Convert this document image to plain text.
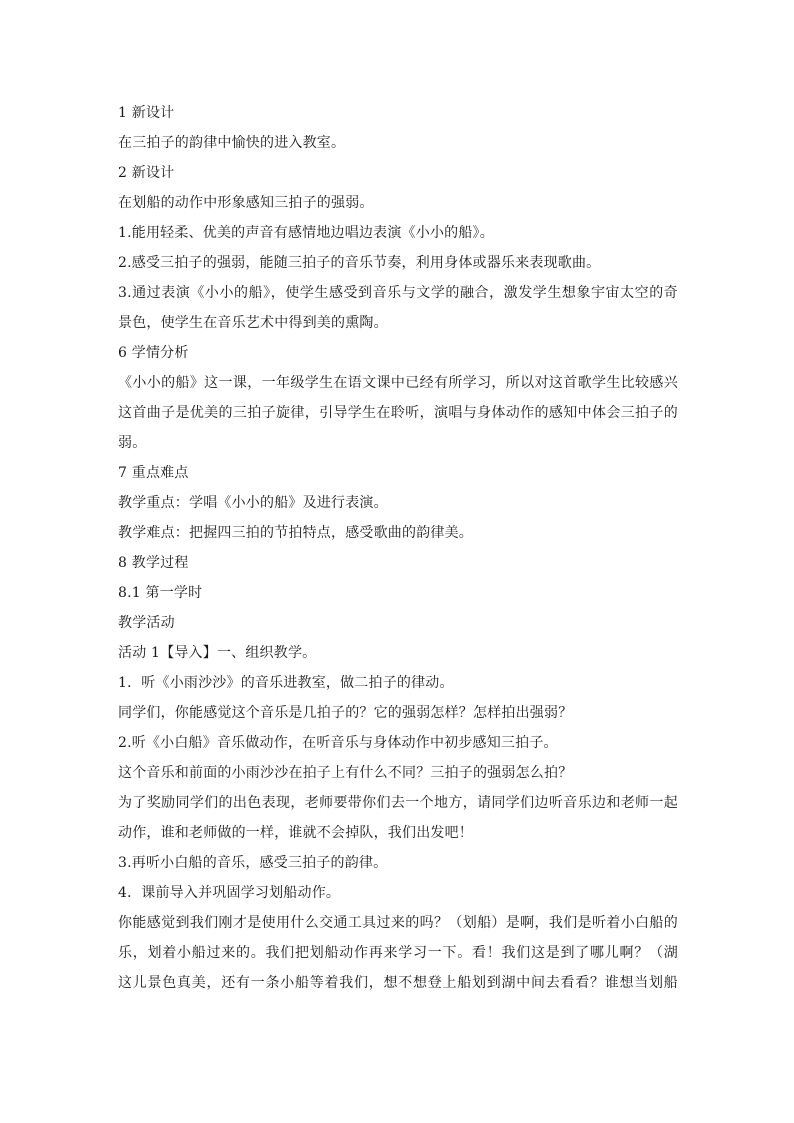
1 新设计
在三拍子的韵律中愉快的进入教室。
2 新设计
在划船的动作中形象感知三拍子的强弱。
1.能用轻柔、优美的声音有感情地边唱边表演《小小的船》。
2.感受三拍子的强弱，能随三拍子的音乐节奏，利用身体或器乐来表现歌曲。
3.通过表演《小小的船》，使学生感受到音乐与文学的融合，激发学生想象宇宙太空的奇
景色，使学生在音乐艺术中得到美的熏陶。
6 学情分析
《小小的船》这一课，一年级学生在语文课中已经有所学习，所以对这首歌学生比较感兴
这首曲子是优美的三拍子旋律，引导学生在聆听，演唱与身体动作的感知中体会三拍子的
弱。
7 重点难点
教学重点：学唱《小小的船》及进行表演。
教学难点：把握四三拍的节拍特点，感受歌曲的韵律美。
8 教学过程
8.1 第一学时
教学活动
活动 1【导入】一、组织教学。
1．听《小雨沙沙》的音乐进教室，做二拍子的律动。
同学们，你能感觉这个音乐是几拍子的？它的强弱怎样？怎样拍出强弱？
2.听《小白船》音乐做动作，在听音乐与身体动作中初步感知三拍子。
这个音乐和前面的小雨沙沙在拍子上有什么不同？三拍子的强弱怎么拍？
为了奖励同学们的出色表现，老师要带你们去一个地方，请同学们边听音乐边和老师一起
动作，谁和老师做的一样，谁就不会掉队，我们出发吧！
3.再听小白船的音乐，感受三拍子的韵律。
4．课前导入并巩固学习划船动作。
你能感觉到我们刚才是使用什么交通工具过来的吗？（划船）是啊，我们是听着小白船的
乐，划着小船过来的。我们把划船动作再来学习一下。看！我们这是到了哪儿啊？（湖
这儿景色真美，还有一条小船等着我们，想不想登上船划到湖中间去看看？谁想当划船
